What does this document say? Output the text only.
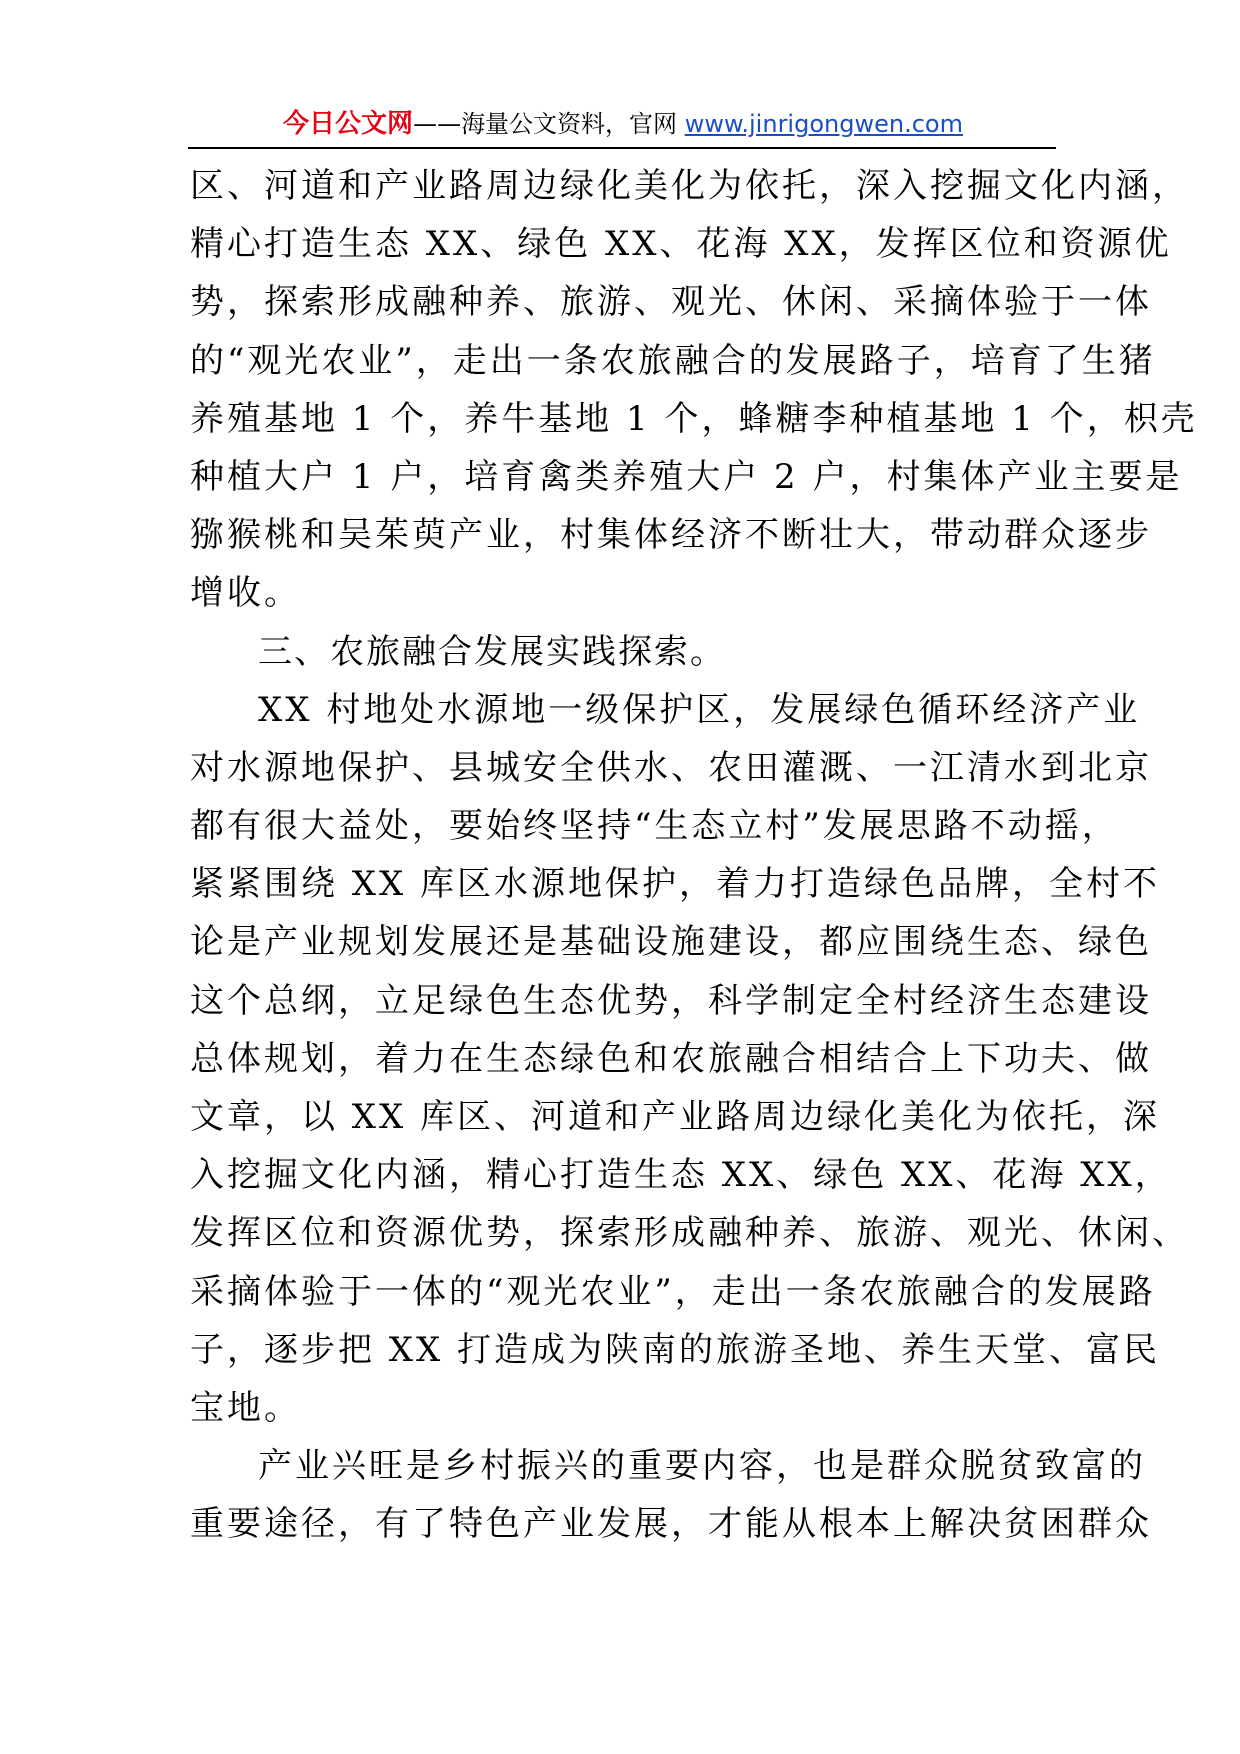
今日公文网——海量公文资料，官网 www.jinrigongwen.com
区、河道和产业路周边绿化美化为依托，深入挖掘文化内涵，
精心打造生态 XX、绿色 XX、花海 XX，发挥区位和资源优
势，探索形成融种养、旅游、观光、休闲、采摘体验于一体
的“观光农业”，走出一条农旅融合的发展路子，培育了生猪
养殖基地 1 个，养牛基地 1 个，蜂糖李种植基地 1 个，枳壳
种植大户 1 户，培育禽类养殖大户 2 户，村集体产业主要是
猕猴桃和吴茱萸产业，村集体经济不断壮大，带动群众逐步
增收。
三、农旅融合发展实践探索。
XX 村地处水源地一级保护区，发展绿色循环经济产业
对水源地保护、县城安全供水、农田灌溉、一江清水到北京
都有很大益处，要始终坚持“生态立村”发展思路不动摇，
紧紧围绕 XX 库区水源地保护，着力打造绿色品牌，全村不
论是产业规划发展还是基础设施建设，都应围绕生态、绿色
这个总纲，立足绿色生态优势，科学制定全村经济生态建设
总体规划，着力在生态绿色和农旅融合相结合上下功夫、做
文章，以 XX 库区、河道和产业路周边绿化美化为依托，深
入挖掘文化内涵，精心打造生态 XX、绿色 XX、花海 XX，
发挥区位和资源优势，探索形成融种养、旅游、观光、休闲、
采摘体验于一体的“观光农业”，走出一条农旅融合的发展路
子，逐步把 XX 打造成为陕南的旅游圣地、养生天堂、富民
宝地。
产业兴旺是乡村振兴的重要内容，也是群众脱贫致富的
重要途径，有了特色产业发展，才能从根本上解决贫困群众
